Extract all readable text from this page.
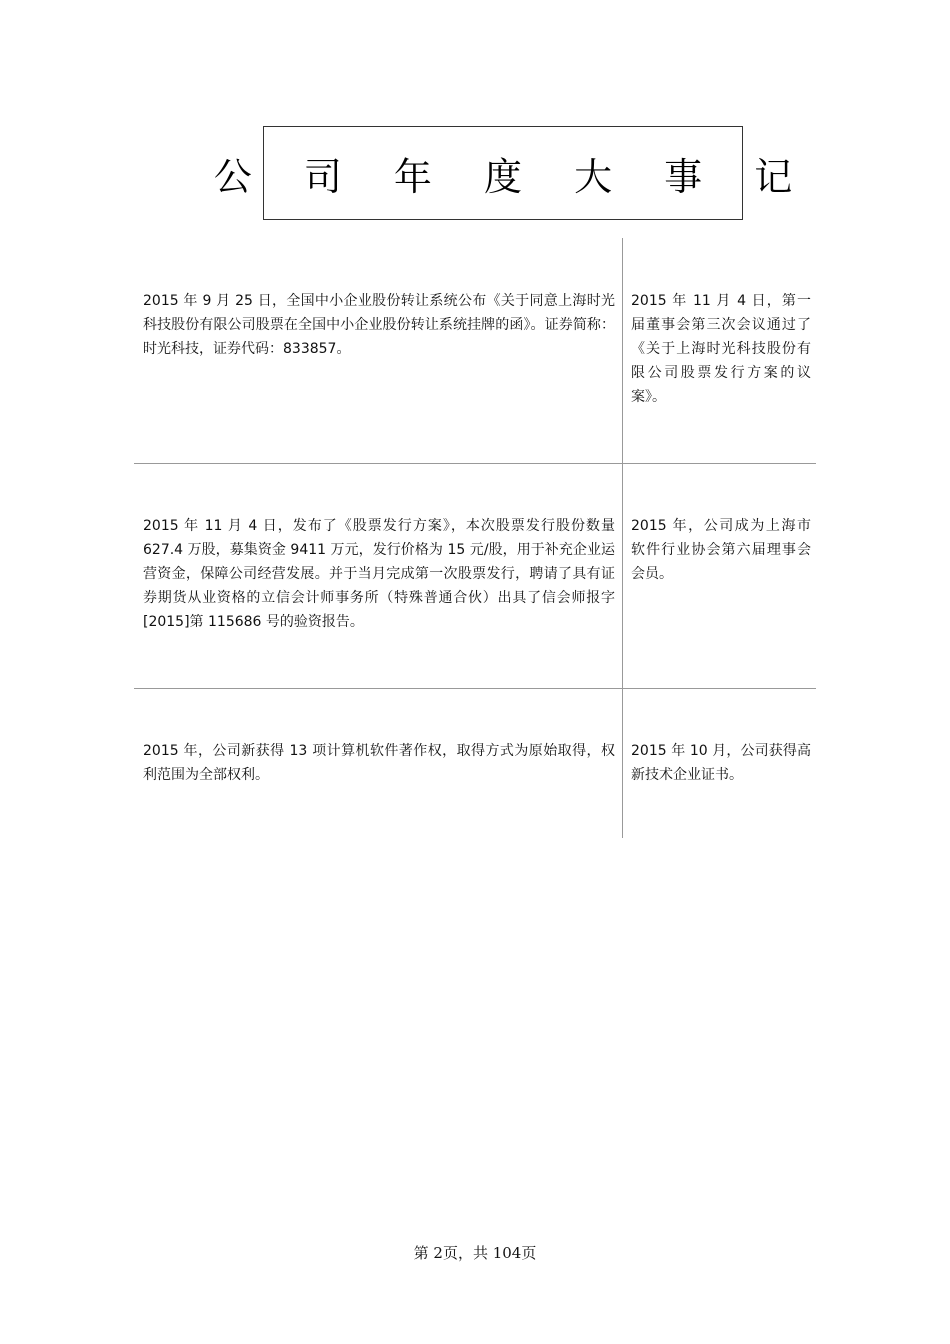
公 司 年 度 大 事 记
2015 年 9 月 25 日，全国中小企业股份转让系统公布《关于同意上海时光科技股份有限公司股票在全国中小企业股份转让系统挂牌的函》。证券简称：时光科技，证券代码：833857。
2015 年 11 月 4 日，第一届董事会第三次会议通过了《关于上海时光科技股份有限公司股票发行方案的议案》。
2015 年 11 月 4 日，发布了《股票发行方案》，本次股票发行股份数量 627.4 万股，募集资金 9411 万元，发行价格为 15 元/股，用于补充企业运营资金，保障公司经营发展。并于当月完成第一次股票发行，聘请了具有证券期货从业资格的立信会计师事务所（特殊普通合伙）出具了信会师报字[2015]第 115686 号的验资报告。
2015 年，公司成为上海市软件行业协会第六届理事会会员。
2015 年，公司新获得 13 项计算机软件著作权，取得方式为原始取得，权利范围为全部权利。
2015 年 10 月，公司获得高新技术企业证书。
第 2页，共 104页
